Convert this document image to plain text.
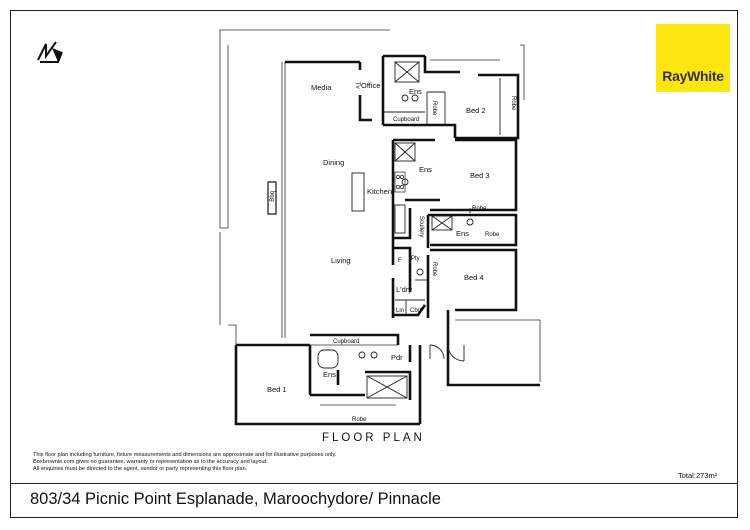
RayWhite
Media	Tv Office
Ens
Cupboard
Robe	Bed 2
Robe
Dining
Ens
Bed 3
Kitchen
Bbq
Robe
Scullery	Ens	Robe
Living	F Pty
Robe
Bed 4
L'dry
Lin Cbd
Cupboard
Pdr
Ens
Bed 1
Robe
FLOOR PLAN
This floor plan including furniture, fixture measurements and dimensions are approximate and for illustrative purposes only.
Boxbrownie.com gives no guarantee, warranty or representation as to the accuracy and layout.
All enquiries must be directed to the agent, vendor or party representing this floor plan.
Total:273m²
803/34 Picnic Point Esplanade, Maroochydore/ Pinnacle
